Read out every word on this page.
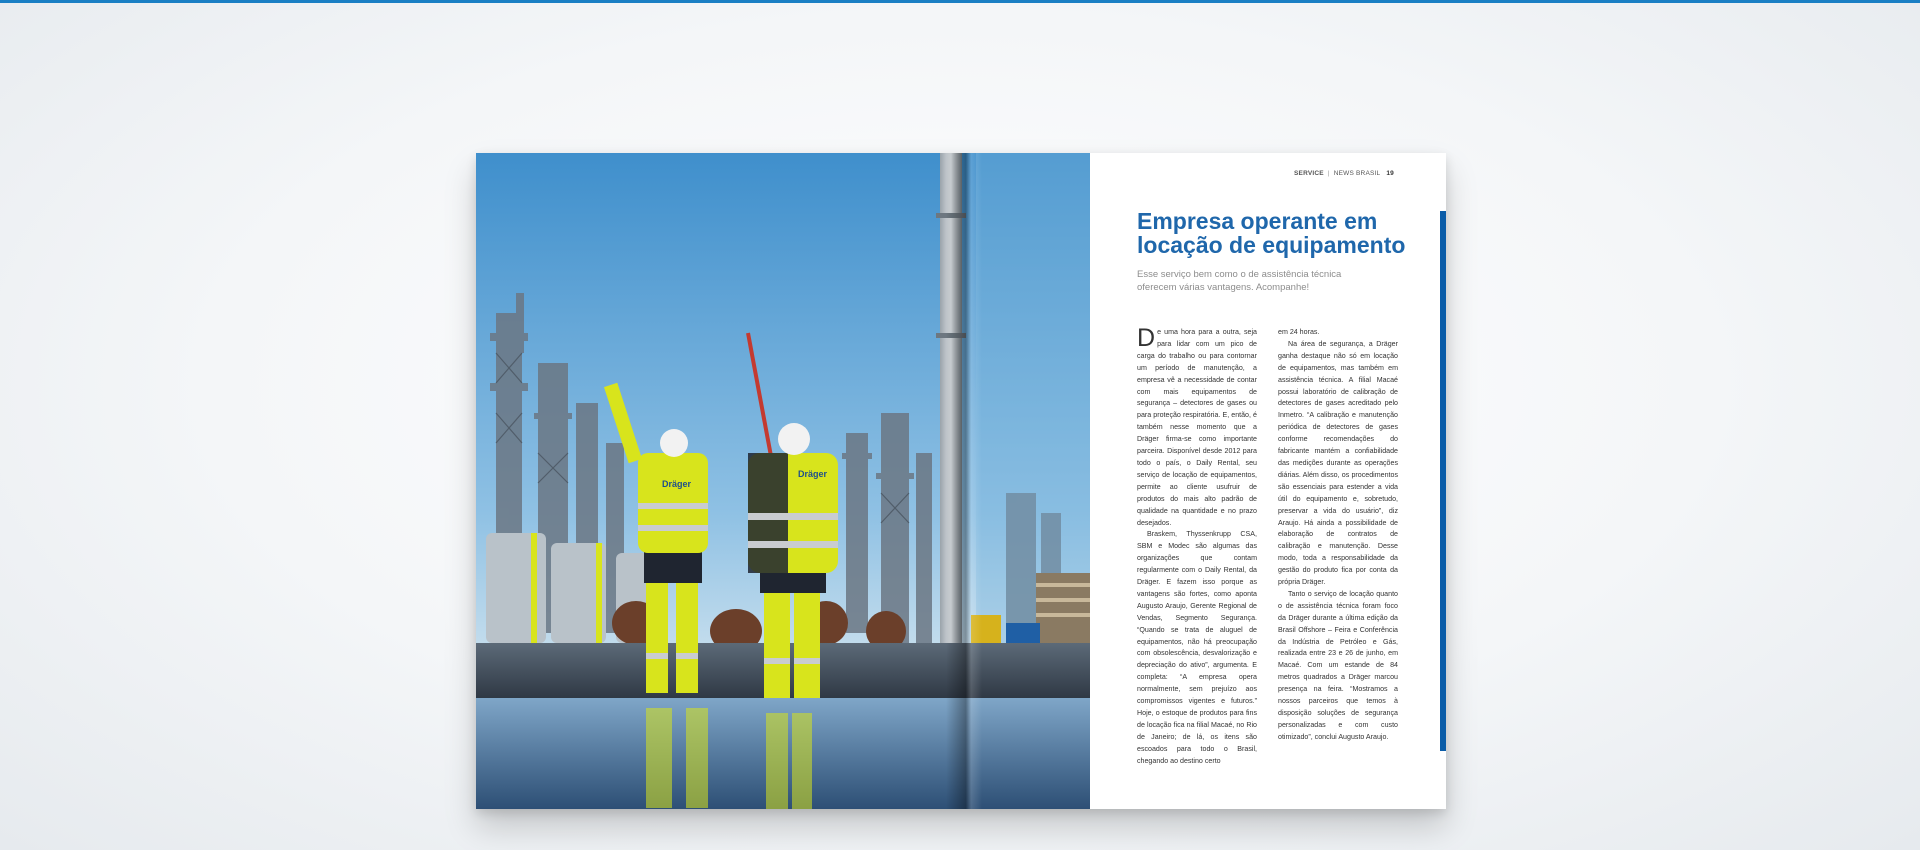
Dräger
Dräger
SERVICE | NEWS BRASIL 19
Empresa operante em locação de equipamento

Esse serviço bem como o de assistência técnica oferecem várias vantagens. Acompanhe!

De uma hora para a outra, seja para lidar com um pico de carga do trabalho ou para contornar um período de manutenção, a empresa vê a necessidade de contar com mais equipamentos de segurança – detectores de gases ou para proteção respiratória. E, então, é também nesse momento que a Dräger firma-se como importante parceira. Disponível desde 2012 para todo o país, o Daily Rental, seu serviço de locação de equipamentos, permite ao cliente usufruir de produtos do mais alto padrão de qualidade na quantidade e no prazo desejados.

Braskem, Thyssenkrupp CSA, SBM e Modec são algumas das organizações que contam regularmente com o Daily Rental, da Dräger. E fazem isso porque as vantagens são fortes, como aponta Augusto Araujo, Gerente Regional de Vendas, Segmento Segurança. “Quando se trata de aluguel de equipamentos, não há preocupação com obsolescência, desvalorização e depreciação do ativo”, argumenta. E completa: “A empresa opera normalmente, sem prejuízo aos compromissos vigentes e futuros.” Hoje, o estoque de produtos para fins de locação fica na filial Macaé, no Rio de Janeiro; de lá, os itens são escoados para todo o Brasil, chegando ao destino certo

em 24 horas.

Na área de segurança, a Dräger ganha destaque não só em locação de equipamentos, mas também em assistência técnica. A filial Macaé possui laboratório de calibração de detectores de gases acreditado pelo Inmetro. “A calibração e manutenção periódica de detectores de gases conforme recomendações do fabricante mantém a confiabilidade das medições durante as operações diárias. Além disso, os procedimentos são essenciais para estender a vida útil do equipamento e, sobretudo, preservar a vida do usuário”, diz Araujo. Há ainda a possibilidade de elaboração de contratos de calibração e manutenção. Desse modo, toda a responsabilidade da gestão do produto fica por conta da própria Dräger.

Tanto o serviço de locação quanto o de assistência técnica foram foco da Dräger durante a última edição da Brasil Offshore – Feira e Conferência da Indústria de Petróleo e Gás, realizada entre 23 e 26 de junho, em Macaé. Com um estande de 84 metros quadrados a Dräger marcou presença na feira. “Mostramos a nossos parceiros que temos à disposição soluções de segurança personalizadas e com custo otimizado”, conclui Augusto Araujo.
